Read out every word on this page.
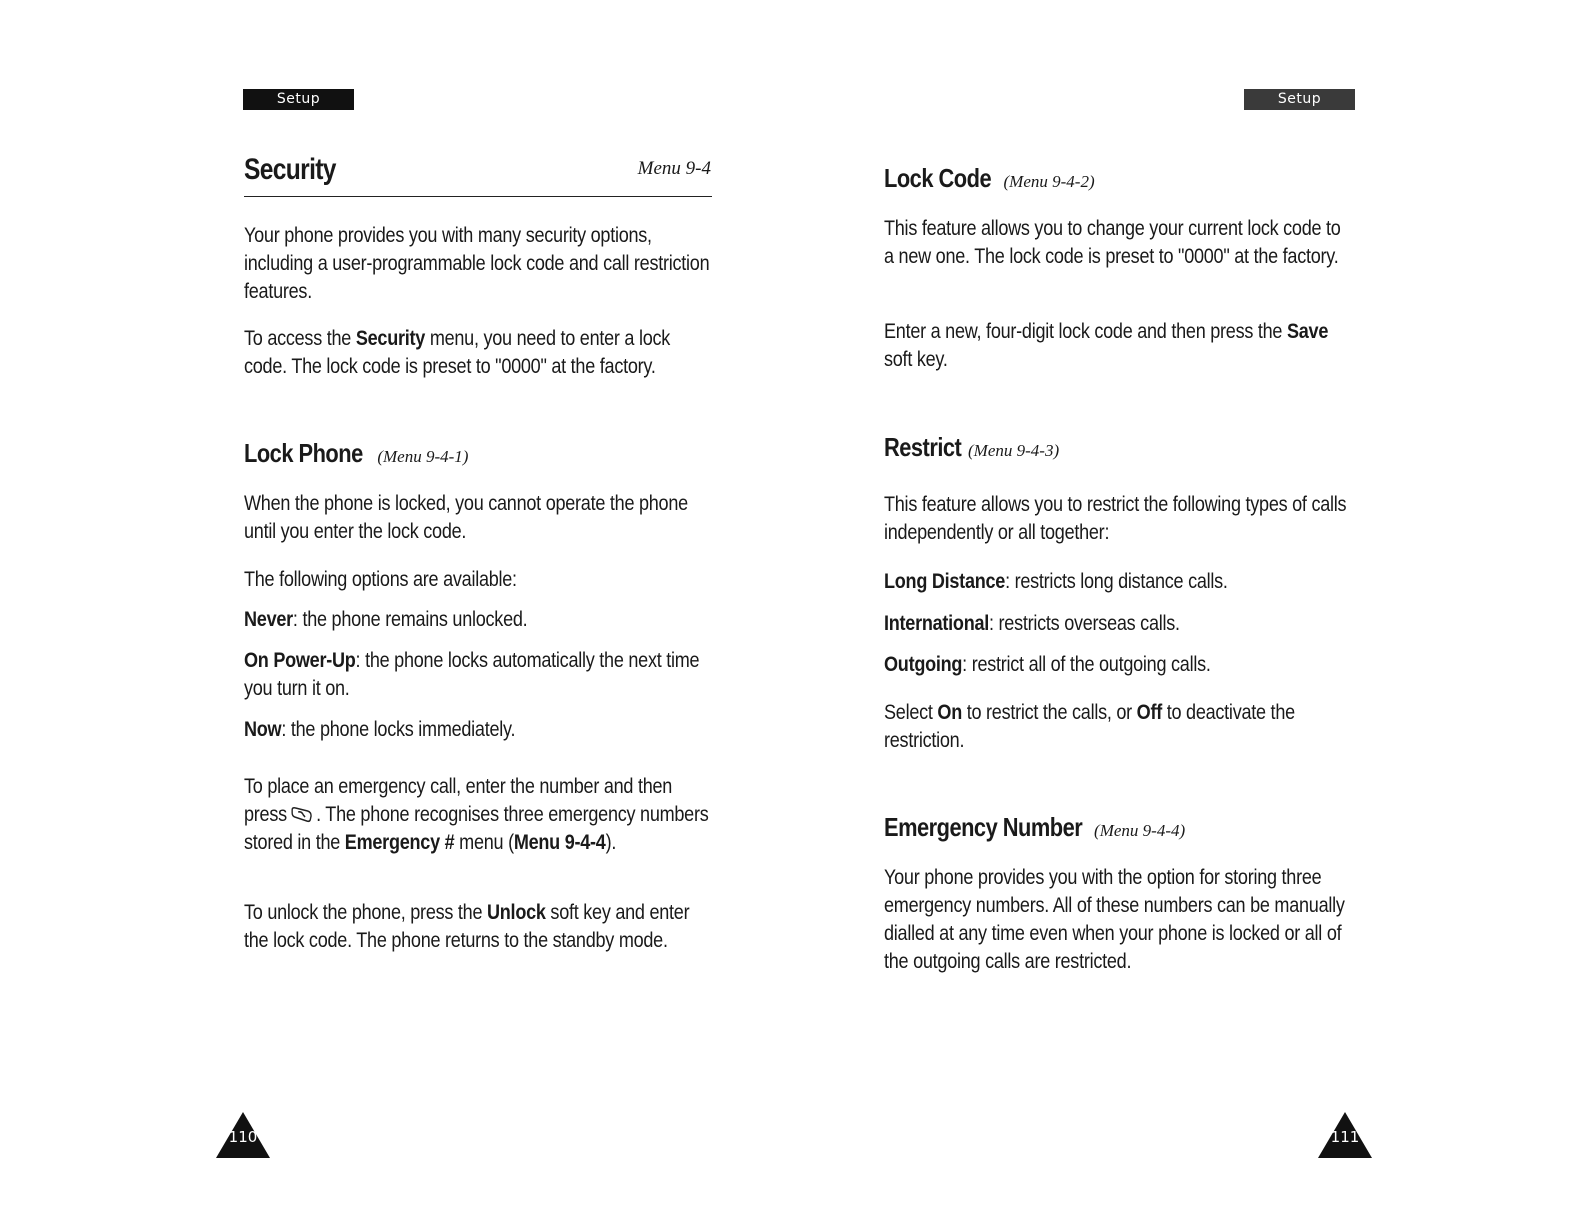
Setup
Security	Menu 9-4

Your phone provides you with many security options, including a user-programmable lock code and call restriction features.

To access the Security menu, you need to enter a lock code. The lock code is preset to "0000" at the factory.

Lock Phone (Menu 9-4-1)

When the phone is locked, you cannot operate the phone until you enter the lock code.

The following options are available:

Never: the phone remains unlocked.

On Power-Up: the phone locks automatically the next time you turn it on.

Now: the phone locks immediately.

To place an emergency call, enter the number and then press . The phone recognises three emergency numbers stored in the Emergency # menu (Menu 9-4-4).

To unlock the phone, press the Unlock soft key and enter the lock code. The phone returns to the standby mode.

110
Setup
Lock Code (Menu 9-4-2)

This feature allows you to change your current lock code to a new one. The lock code is preset to "0000" at the factory.

Enter a new, four-digit lock code and then press the Save soft key.

Restrict (Menu 9-4-3)

This feature allows you to restrict the following types of calls independently or all together:

Long Distance: restricts long distance calls.

International: restricts overseas calls.

Outgoing: restrict all of the outgoing calls.

Select On to restrict the calls, or Off to deactivate the restriction.

Emergency Number (Menu 9-4-4)

Your phone provides you with the option for storing three emergency numbers. All of these numbers can be manually dialled at any time even when your phone is locked or all of the outgoing calls are restricted.

111
